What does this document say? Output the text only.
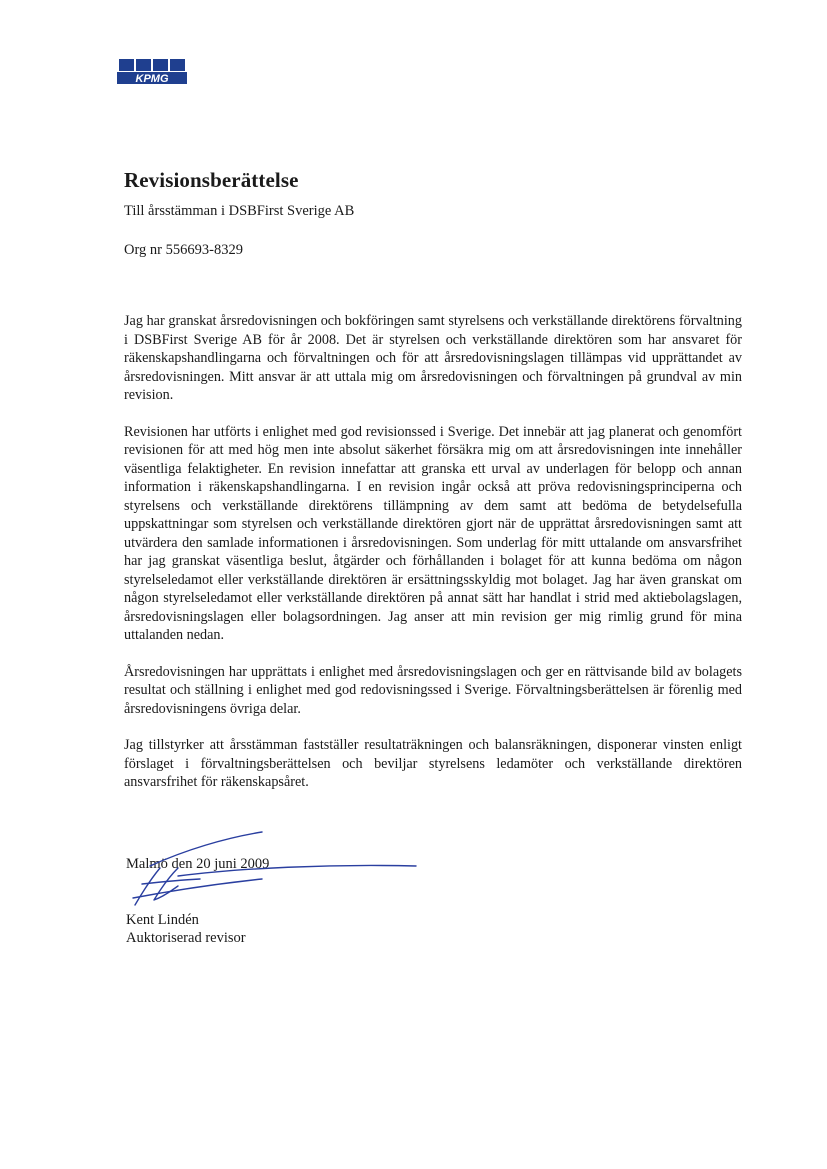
KPMG
Revisionsberättelse
Till årsstämman i DSBFirst Sverige AB
Org nr 556693-8329

Jag har granskat årsredovisningen och bokföringen samt styrelsens och verkställande direktörens förvaltning i DSBFirst Sverige AB för år 2008. Det är styrelsen och verkställande direktören som har ansvaret för räkenskapshandlingarna och förvaltningen och för att årsredovisningslagen tillämpas vid upprättandet av årsredovisningen. Mitt ansvar är att uttala mig om årsredovisningen och förvaltningen på grundval av min revision.

Revisionen har utförts i enlighet med god revisionssed i Sverige. Det innebär att jag planerat och genomfört revisionen för att med hög men inte absolut säkerhet försäkra mig om att årsredovisningen inte innehåller väsentliga felaktigheter. En revision innefattar att granska ett urval av underlagen för belopp och annan information i räkenskapshandlingarna. I en revision ingår också att pröva redovisningsprinciperna och styrelsens och verkställande direktörens tillämpning av dem samt att bedöma de betydelsefulla uppskattningar som styrelsen och verkställande direktören gjort när de upprättat årsredovisningen samt att utvärdera den samlade informationen i årsredovisningen. Som underlag för mitt uttalande om ansvarsfrihet har jag granskat väsentliga beslut, åtgärder och förhållanden i bolaget för att kunna bedöma om någon styrelseledamot eller verkställande direktören är ersättningsskyldig mot bolaget. Jag har även granskat om någon styrelseledamot eller verkställande direktören på annat sätt har handlat i strid med aktiebolagslagen, årsredovisningslagen eller bolagsordningen. Jag anser att min revision ger mig rimlig grund för mina uttalanden nedan.

Årsredovisningen har upprättats i enlighet med årsredovisningslagen och ger en rättvisande bild av bolagets resultat och ställning i enlighet med god redovisningssed i Sverige. Förvaltningsberättelsen är förenlig med årsredovisningens övriga delar.

Jag tillstyrker att årsstämman fastställer resultaträkningen och balansräkningen, disponerar vinsten enligt förslaget i förvaltningsberättelsen och beviljar styrelsens ledamöter och verkställande direktören ansvarsfrihet för räkenskapsåret.

Malmö den 20 juni 2009
Kent Lindén
Auktoriserad revisor
